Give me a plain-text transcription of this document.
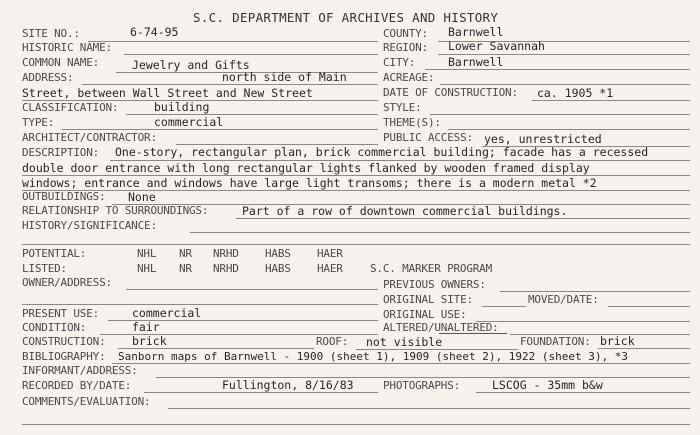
S.C. DEPARTMENT OF ARCHIVES AND HISTORY
SITE NO.:	6-74-95	COUNTY: Barnwell
HISTORIC NAME:	REGION: Lower Savannah
COMMON NAME:	Jewelry and Gifts	CITY:	Barnwell
ADDRESS:	north side of Main	ACREAGE:
Street, between Wall Street and New Street	DATE OF CONSTRUCTION: ca. 1905 *1
CLASSIFICATION:	building	STYLE:
TYPE:	commercial	THEME(S):
ARCHITECT/CONTRACTOR:	PUBLIC ACCESS: yes, unrestricted
DESCRIPTION: One-story, rectangular plan, brick commercial building; facade has a recessed
double door entrance with long rectangular lights flanked by wooden framed display
windows; entrance and windows have large light transoms; there is a modern metal *2
OUTBUILDINGS: None
RELATIONSHIP TO SURROUNDINGS:	Part of a row of downtown commercial buildings.
HISTORY/SIGNIFICANCE:
POTENTIAL:	NHL NR NRHD HABS HAER
LISTED:	NHL NR NRHD HABS HAER S.C. MARKER PROGRAM
OWNER/ADDRESS:	PREVIOUS OWNERS:
ORIGINAL SITE:	MOVED/DATE:
PRESENT USE:	commercial	ORIGINAL USE:
CONDITION:	fair	ALTERED/UNALTERED:
CONSTRUCTION: brick	ROOF: not visible	FOUNDATION: brick
BIBLIOGRAPHY: Sanborn maps of Barnwell - 1900 (sheet 1), 1909 (sheet 2), 1922 (sheet 3), *3
INFORMANT/ADDRESS:
RECORDED BY/DATE:	Fullington, 8/16/83	PHOTOGRAPHS:	LSCOG - 35mm b&w
COMMENTS/EVALUATION:
